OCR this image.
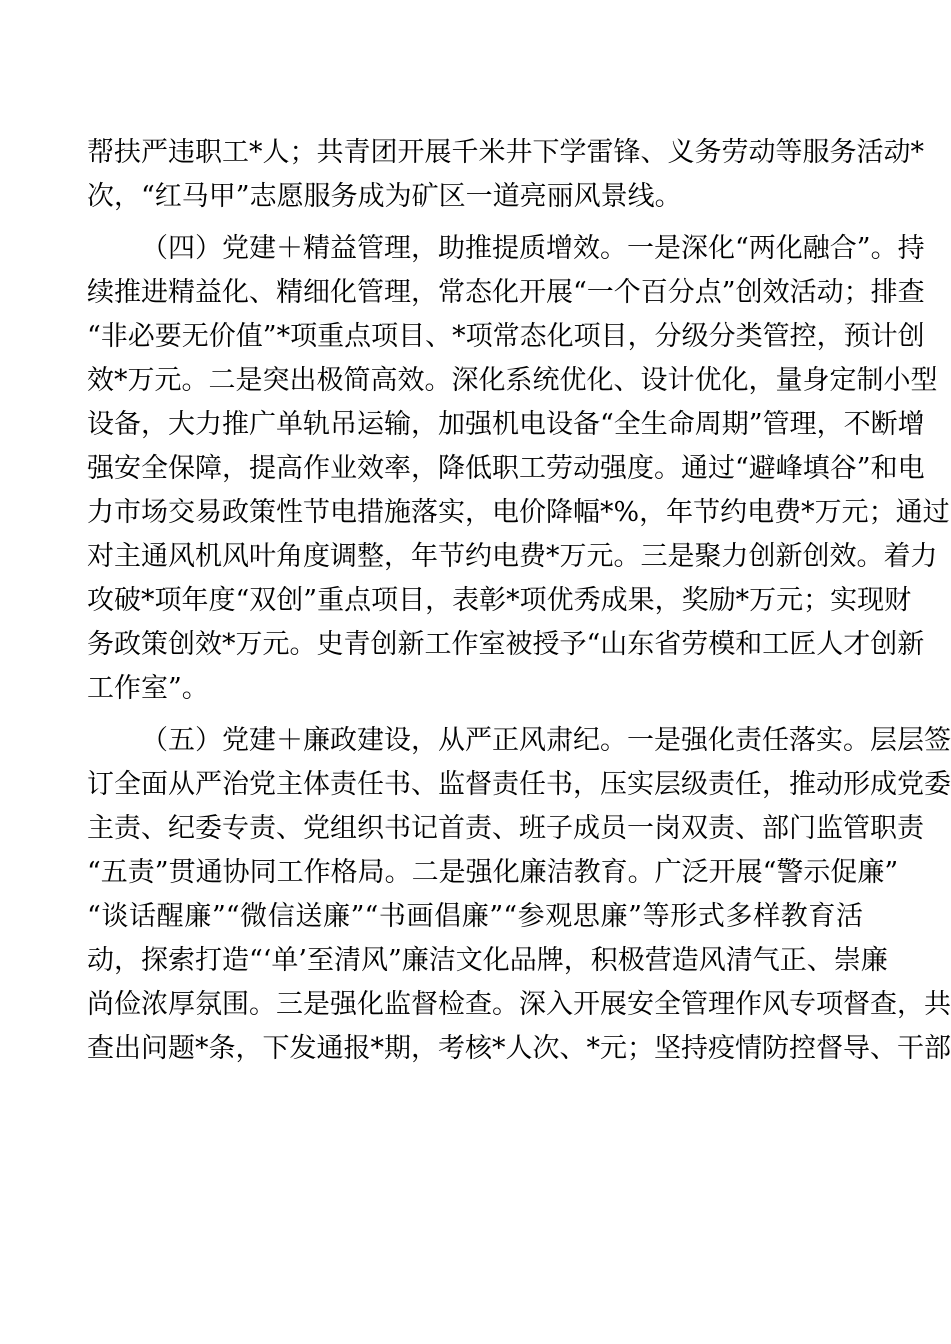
帮扶严违职工*人；共青团开展千米井下学雷锋、义务劳动等服务活动*
次，“红马甲”志愿服务成为矿区一道亮丽风景线。
（四）党建＋精益管理，助推提质增效。一是深化“两化融合”。持
续推进精益化、精细化管理，常态化开展“一个百分点”创效活动；排查
“非必要无价值”*项重点项目、*项常态化项目，分级分类管控，预计创
效*万元。二是突出极简高效。深化系统优化、设计优化，量身定制小型
设备，大力推广单轨吊运输，加强机电设备“全生命周期”管理，不断增
强安全保障，提高作业效率，降低职工劳动强度。通过“避峰填谷”和电
力市场交易政策性节电措施落实，电价降幅*%，年节约电费*万元；通过
对主通风机风叶角度调整，年节约电费*万元。三是聚力创新创效。着力
攻破*项年度“双创”重点项目，表彰*项优秀成果，奖励*万元；实现财
务政策创效*万元。史青创新工作室被授予“山东省劳模和工匠人才创新
工作室”。
（五）党建＋廉政建设，从严正风肃纪。一是强化责任落实。层层签
订全面从严治党主体责任书、监督责任书，压实层级责任，推动形成党委
主责、纪委专责、党组织书记首责、班子成员一岗双责、部门监管职责
“五责”贯通协同工作格局。二是强化廉洁教育。广泛开展“警示促廉”
“谈话醒廉”“微信送廉”“书画倡廉”“参观思廉”等形式多样教育活
动，探索打造“‘单’至清风”廉洁文化品牌，积极营造风清气正、崇廉
尚俭浓厚氛围。三是强化监督检查。深入开展安全管理作风专项督查，共
查出问题*条，下发通报*期，考核*人次、*元；坚持疫情防控督导、干部
